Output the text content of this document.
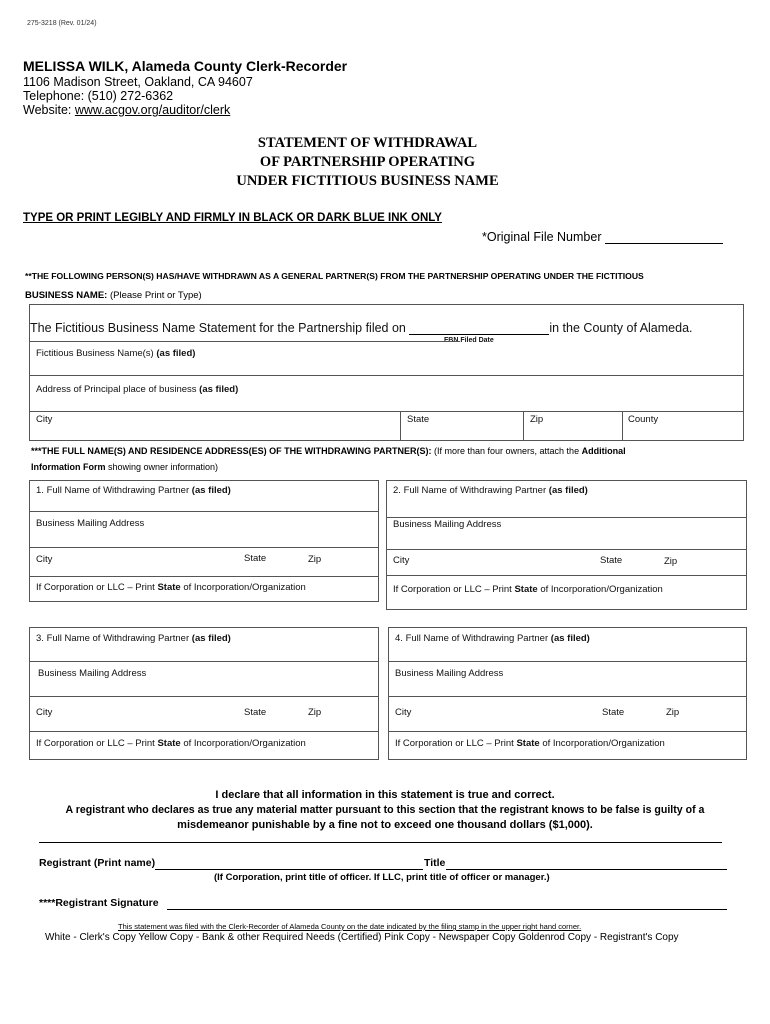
275-3218 (Rev. 01/24)
MELISSA WILK, Alameda County Clerk-Recorder
1106 Madison Street, Oakland, CA 94607
Telephone: (510) 272-6362
Website: www.acgov.org/auditor/clerk
STATEMENT OF WITHDRAWAL
OF PARTNERSHIP OPERATING
UNDER FICTITIOUS BUSINESS NAME
TYPE OR PRINT LEGIBLY AND FIRMLY IN BLACK OR DARK BLUE INK ONLY
*Original File Number
**THE FOLLOWING PERSON(S) HAS/HAVE WITHDRAWN AS A GENERAL PARTNER(S) FROM THE PARTNERSHIP OPERATING UNDER THE FICTITIOUS
BUSINESS NAME: (Please Print or Type)
The Fictitious Business Name Statement for the Partnership filed on	in the County of Alameda.
FBN Filed Date
Fictitious Business Name(s) (as filed)
Address of Principal place of business (as filed)
City	State	Zip	County
***THE FULL NAME(S) AND RESIDENCE ADDRESS(ES) OF THE WITHDRAWING PARTNER(S): (If more than four owners, attach the Additional
Information Form showing owner information)
1. Full Name of Withdrawing Partner (as filed)
Business Mailing Address
City	State	Zip
If Corporation or LLC – Print State of Incorporation/Organization
2. Full Name of Withdrawing Partner (as filed)
Business Mailing Address
City	State	Zip
If Corporation or LLC – Print State of Incorporation/Organization
3. Full Name of Withdrawing Partner (as filed)
Business Mailing Address
City	State	Zip
If Corporation or LLC – Print State of Incorporation/Organization
4. Full Name of Withdrawing Partner (as filed)
Business Mailing Address
City	State	Zip
If Corporation or LLC – Print State of Incorporation/Organization
I declare that all information in this statement is true and correct.
A registrant who declares as true any material matter pursuant to this section that the registrant knows to be false is guilty of a
misdemeanor punishable by a fine not to exceed one thousand dollars ($1,000).
Registrant (Print name)	Title
(If Corporation, print title of officer. If LLC, print title of officer or manager.)
****Registrant Signature
This statement was filed with the Clerk-Recorder of Alameda County on the date indicated by the filing stamp in the upper right hand corner.
White - Clerk's Copy Yellow Copy - Bank & other Required Needs (Certified) Pink Copy - Newspaper Copy Goldenrod Copy - Registrant's Copy
